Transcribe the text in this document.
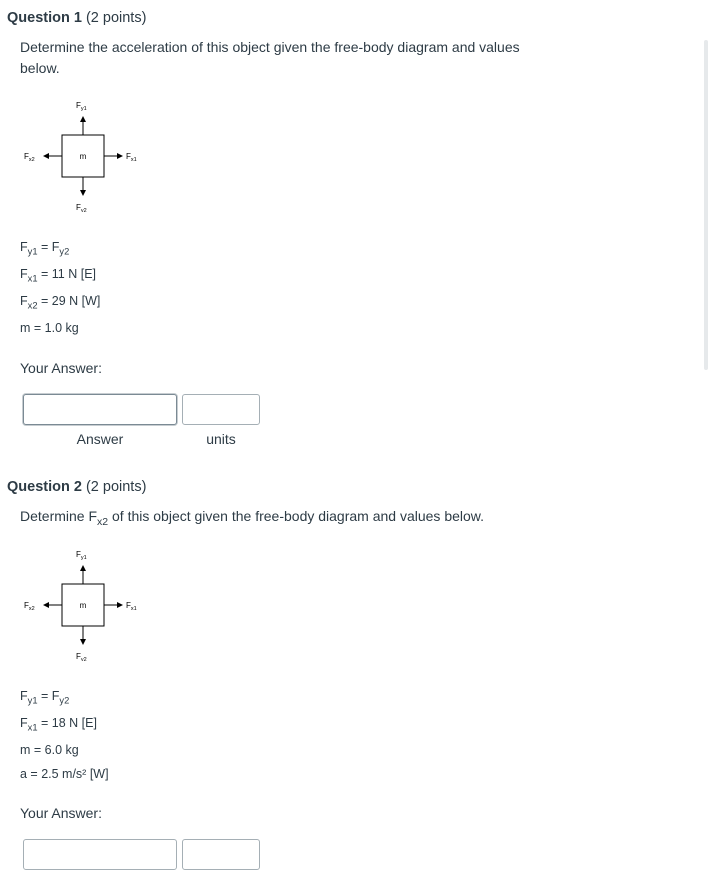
Question 1 (2 points)
Determine the acceleration of this object given the free-body diagram and values
below.
m
$F_{y1}$
$F_{y2}$
$F_{x1}$
$F_{x2}$
$F_{y1} = F_{y2}$
$F_{x1} = 11$ N [E]
$F_{x2} = 29$ N [W]
m = 1.0 kg
Your Answer:
Answer	units
Question 2 (2 points)
Determine $F_{x2}$ of this object given the free-body diagram and values below.
m
$F_{y1}$
$F_{y2}$
$F_{x1}$
$F_{x2}$
$F_{y1} = F_{y2}$
$F_{x1} = 18$ N [E]
m = 6.0 kg
a = 2.5 m/s² [W]
Your Answer:
